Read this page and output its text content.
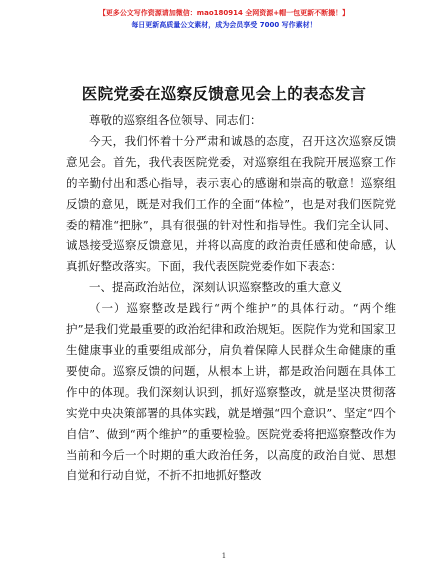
【更多公文写作资源请加微信：mao180914 全网资源+帽一包更新不断撮！】
每日更新高质量公文素材，成为会员享受 7000 写作素材！
医院党委在巡察反馈意见会上的表态发言

尊敬的巡察组各位领导、同志们：

今天，我们怀着十分严肃和诚恳的态度，召开这次巡察反馈意见会。首先，我代表医院党委，对巡察组在我院开展巡察工作的辛勤付出和悉心指导，表示衷心的感谢和崇高的敬意！巡察组反馈的意见，既是对我们工作的全面“体检”，也是对我们医院党委的精准“把脉”，具有很强的针对性和指导性。我们完全认同、诚恳接受巡察反馈意见，并将以高度的政治责任感和使命感，认真抓好整改落实。下面，我代表医院党委作如下表态：

一、提高政治站位，深刻认识巡察整改的重大意义

（一）巡察整改是践行“两个维护”的具体行动。“两个维护”是我们党最重要的政治纪律和政治规矩。医院作为党和国家卫生健康事业的重要组成部分，肩负着保障人民群众生命健康的重要使命。巡察反馈的问题，从根本上讲，都是政治问题在具体工作中的体现。我们深刻认识到，抓好巡察整改，就是坚决贯彻落实党中央决策部署的具体实践，就是增强“四个意识”、坚定“四个自信”、做到“两个维护”的重要检验。医院党委将把巡察整改作为当前和今后一个时期的重大政治任务，以高度的政治自觉、思想自觉和行动自觉，不折不扣地抓好整改

1
